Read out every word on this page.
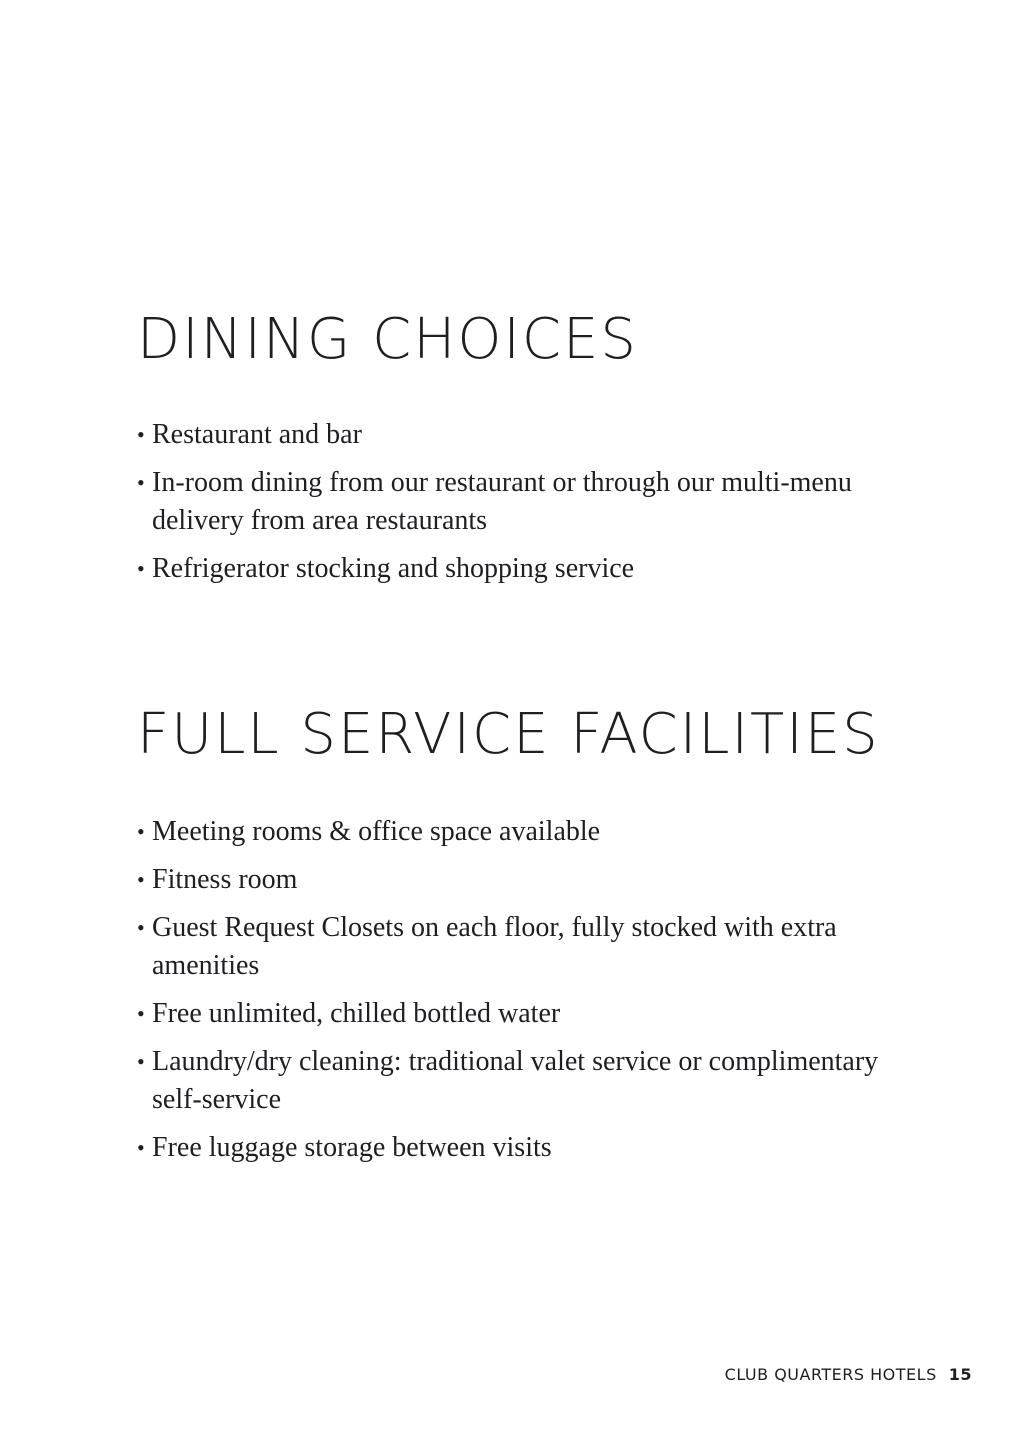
DINING CHOICES
• Restaurant and bar
• In-room dining from our restaurant or through our multi-menu delivery from area restaurants
• Refrigerator stocking and shopping service
FULL SERVICE FACILITIES
• Meeting rooms & office space available
• Fitness room
• Guest Request Closets on each floor, fully stocked with extra amenities
• Free unlimited, chilled bottled water
• Laundry/dry cleaning: traditional valet service or complimentary self-service
• Free luggage storage between visits
CLUB QUARTERS HOTELS 15
